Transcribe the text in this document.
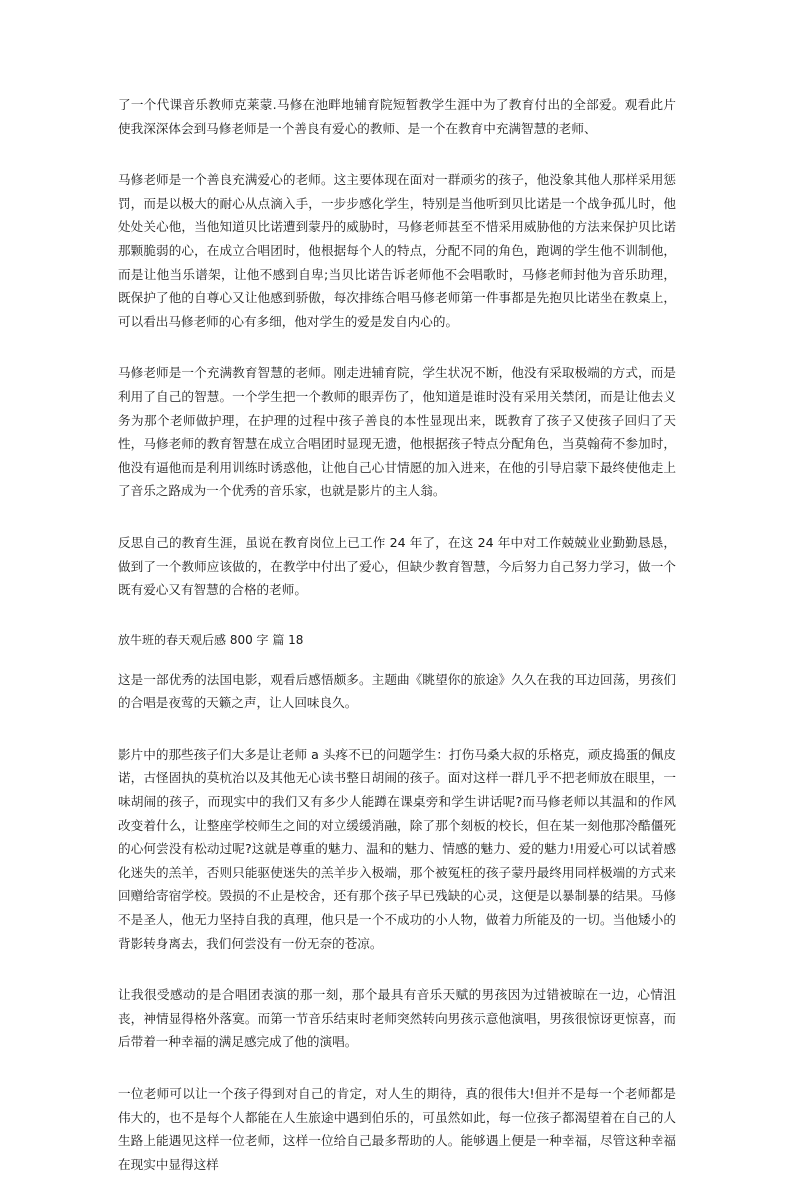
了一个代课音乐教师克莱蒙.马修在池畔地辅育院短暂教学生涯中为了教育付出的全部爱。观看此片使我深深体会到马修老师是一个善良有爱心的教师、是一个在教育中充满智慧的老师、

马修老师是一个善良充满爱心的老师。这主要体现在面对一群顽劣的孩子，他没象其他人那样采用惩罚，而是以极大的耐心从点滴入手，一步步感化学生，特别是当他听到贝比诺是一个战争孤儿时，他处处关心他，当他知道贝比诺遭到蒙丹的威胁时，马修老师甚至不惜采用威胁他的方法来保护贝比诺那颗脆弱的心，在成立合唱团时，他根据每个人的特点，分配不同的角色，跑调的学生他不训制他，而是让他当乐谱架，让他不感到自卑;当贝比诺告诉老师他不会唱歌时，马修老师封他为音乐助理，既保护了他的自尊心又让他感到骄傲，每次排练合唱马修老师第一件事都是先抱贝比诺坐在教桌上，可以看出马修老师的心有多细，他对学生的爱是发自内心的。

马修老师是一个充满教育智慧的老师。刚走进辅育院，学生状况不断，他没有采取极端的方式，而是利用了自己的智慧。一个学生把一个教师的眼弄伤了，他知道是谁时没有采用关禁闭，而是让他去义务为那个老师做护理，在护理的过程中孩子善良的本性显现出来，既教育了孩子又使孩子回归了天性，马修老师的教育智慧在成立合唱团时显现无遗，他根据孩子特点分配角色，当莫翰荷不参加时，他没有逼他而是利用训练时诱惑他，让他自己心甘情愿的加入进来，在他的引导启蒙下最终使他走上了音乐之路成为一个优秀的音乐家，也就是影片的主人翁。

反思自己的教育生涯，虽说在教育岗位上已工作 24 年了，在这 24 年中对工作兢兢业业勤勤恳恳，做到了一个教师应该做的，在教学中付出了爱心，但缺少教育智慧，今后努力自己努力学习，做一个既有爱心又有智慧的合格的老师。

放牛班的春天观后感 800 字 篇 18

这是一部优秀的法国电影，观看后感悟颇多。主题曲《眺望你的旅途》久久在我的耳边回荡，男孩们的合唱是夜莺的天籁之声，让人回味良久。

影片中的那些孩子们大多是让老师 a 头疼不已的问题学生：打伤马桑大叔的乐格克，顽皮捣蛋的佩皮诺，古怪固执的莫杭治以及其他无心读书整日胡闹的孩子。面对这样一群几乎不把老师放在眼里，一味胡闹的孩子，而现实中的我们又有多少人能蹲在课桌旁和学生讲话呢?而马修老师以其温和的作风改变着什么，让整座学校师生之间的对立缓缓消融，除了那个刻板的校长，但在某一刻他那冷酷僵死的心何尝没有松动过呢?这就是尊重的魅力、温和的魅力、情感的魅力、爱的魅力!用爱心可以试着感化迷失的羔羊，否则只能驱使迷失的羔羊步入极端，那个被冤枉的孩子蒙丹最终用同样极端的方式来回赠给寄宿学校。毁损的不止是校舍，还有那个孩子早已残缺的心灵，这便是以暴制暴的结果。马修不是圣人，他无力坚持自我的真理，他只是一个不成功的小人物，做着力所能及的一切。当他矮小的背影转身离去，我们何尝没有一份无奈的苍凉。

让我很受感动的是合唱团表演的那一刻，那个最具有音乐天赋的男孩因为过错被晾在一边，心情沮丧，神情显得格外落寞。而第一节音乐结束时老师突然转向男孩示意他演唱，男孩很惊讶更惊喜，而后带着一种幸福的满足感完成了他的演唱。

一位老师可以让一个孩子得到对自己的肯定，对人生的期待，真的很伟大!但并不是每一个老师都是伟大的，也不是每个人都能在人生旅途中遇到伯乐的，可虽然如此，每一位孩子都渴望着在自己的人生路上能遇见这样一位老师，这样一位给自己最多帮助的人。能够遇上便是一种幸福，尽管这种幸福在现实中显得这样
